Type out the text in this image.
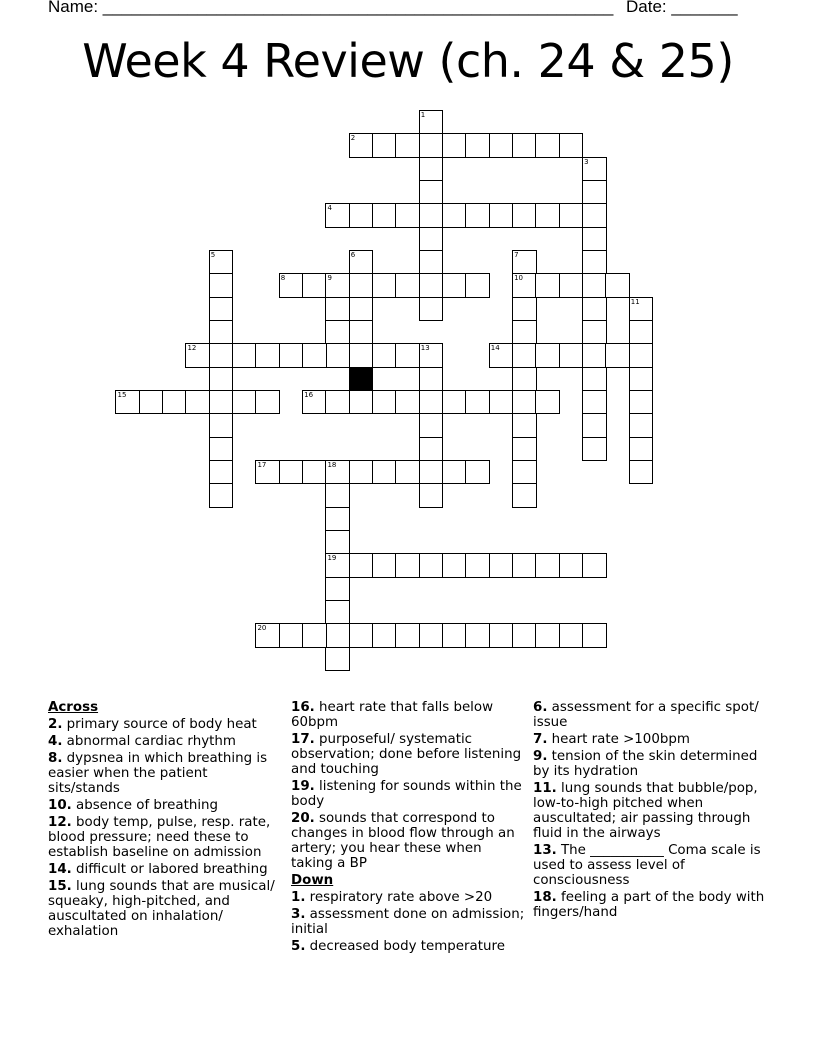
Name: ______________________________________________________ Date: _______
Week 4 Review (ch. 24 & 25)
1
2
3
4
5	6	7
10
8	9
11
12	13	14
15	16
17	18
19
20
Across
2. primary source of body heat
4. abnormal cardiac rhythm
8. dypsnea in which breathing is easier when the patient sits/stands
10. absence of breathing
12. body temp, pulse, resp. rate, blood pressure; need these to establish baseline on admission
14. difficult or labored breathing
15. lung sounds that are musical/ squeaky, high-pitched, and auscultated on inhalation/ exhalation
16. heart rate that falls below 60bpm
17. purposeful/ systematic observation; done before listening and touching
19. listening for sounds within the body
20. sounds that correspond to changes in blood flow through an artery; you hear these when taking a BP
Down
1. respiratory rate above >20
3. assessment done on admission; initial
5. decreased body temperature
6. assessment for a specific spot/ issue
7. heart rate >100bpm
9. tension of the skin determined by its hydration
11. lung sounds that bubble/pop, low-to-high pitched when auscultated; air passing through fluid in the airways
13. The ___________ Coma scale is used to assess level of consciousness
18. feeling a part of the body with fingers/hand
